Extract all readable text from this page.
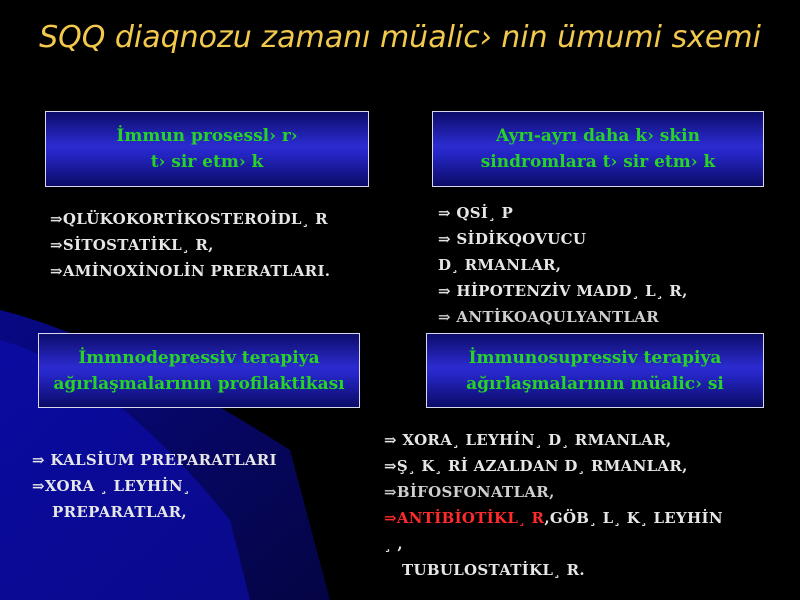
SQQ diaqnozu zamanı müalic› nin ümumi sxemi
İmmun prosessl› r›
t› sir etm› k
Ayrı-ayrı daha k› skin
sindromlara t› sir etm› k
İmmnodepressiv terapiya
ağırlaşmalarının profilaktikası
İmmunosupressiv terapiya
ağırlaşmalarının müalic› si
⇒QLÜKOKORTİKOSTEROİDL¸ R
⇒SİTOSTATİKL¸ R,
⇒AMİNOXİNOLİN PRERATLARI.
⇒ QSİ¸ P
⇒ SİDİKQOVUCU
D¸ RMANLAR,
⇒ HİPOTENZİV MADD¸ L¸ R,
⇒ ANTİKOAQULYANTLAR
⇒ KALSİUM PREPARATLARI
⇒XORA ¸ LEYHİN¸
PREPARATLAR,
⇒ XORA¸ LEYHİN¸ D¸ RMANLAR,
⇒Ş¸ K¸ Rİ AZALDAN D¸ RMANLAR,
⇒BİFOSFONATLAR,
⇒ANTİBİOTİKL¸ R,GÖB¸ L¸ K¸ LEYHİN
¸ ,
TUBULOSTATİKL¸ R.
